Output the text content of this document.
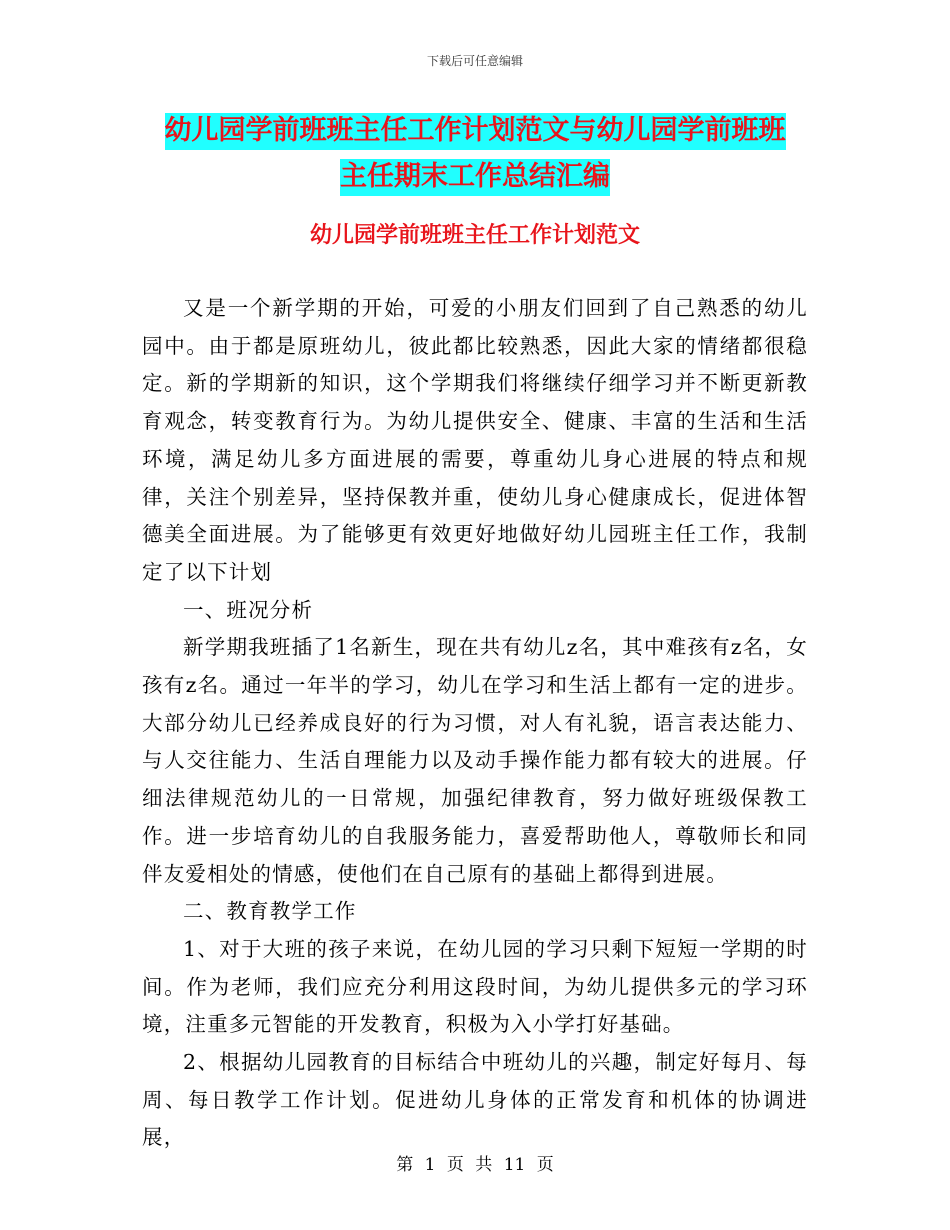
下载后可任意编辑
幼儿园学前班班主任工作计划范文与幼儿园学前班班
主任期末工作总结汇编
幼儿园学前班班主任工作计划范文

又是一个新学期的开始，可爱的小朋友们回到了自己熟悉的幼儿园中。由于都是原班幼儿，彼此都比较熟悉，因此大家的情绪都很稳定。新的学期新的知识，这个学期我们将继续仔细学习并不断更新教育观念，转变教育行为。为幼儿提供安全、健康、丰富的生活和生活环境，满足幼儿多方面进展的需要，尊重幼儿身心进展的特点和规律，关注个别差异，坚持保教并重，使幼儿身心健康成长，促进体智德美全面进展。为了能够更有效更好地做好幼儿园班主任工作，我制定了以下计划

一、班况分析

新学期我班插了1名新生，现在共有幼儿z名，其中难孩有z名，女孩有z名。通过一年半的学习，幼儿在学习和生活上都有一定的进步。大部分幼儿已经养成良好的行为习惯，对人有礼貌，语言表达能力、与人交往能力、生活自理能力以及动手操作能力都有较大的进展。仔细法律规范幼儿的一日常规，加强纪律教育，努力做好班级保教工作。进一步培育幼儿的自我服务能力，喜爱帮助他人，尊敬师长和同伴友爱相处的情感，使他们在自己原有的基础上都得到进展。

二、教育教学工作

1、对于大班的孩子来说，在幼儿园的学习只剩下短短一学期的时间。作为老师，我们应充分利用这段时间，为幼儿提供多元的学习环境，注重多元智能的开发教育，积极为入小学打好基础。

2、根据幼儿园教育的目标结合中班幼儿的兴趣，制定好每月、每周、每日教学工作计划。促进幼儿身体的正常发育和机体的协调进展，

第 1 页 共 11 页
